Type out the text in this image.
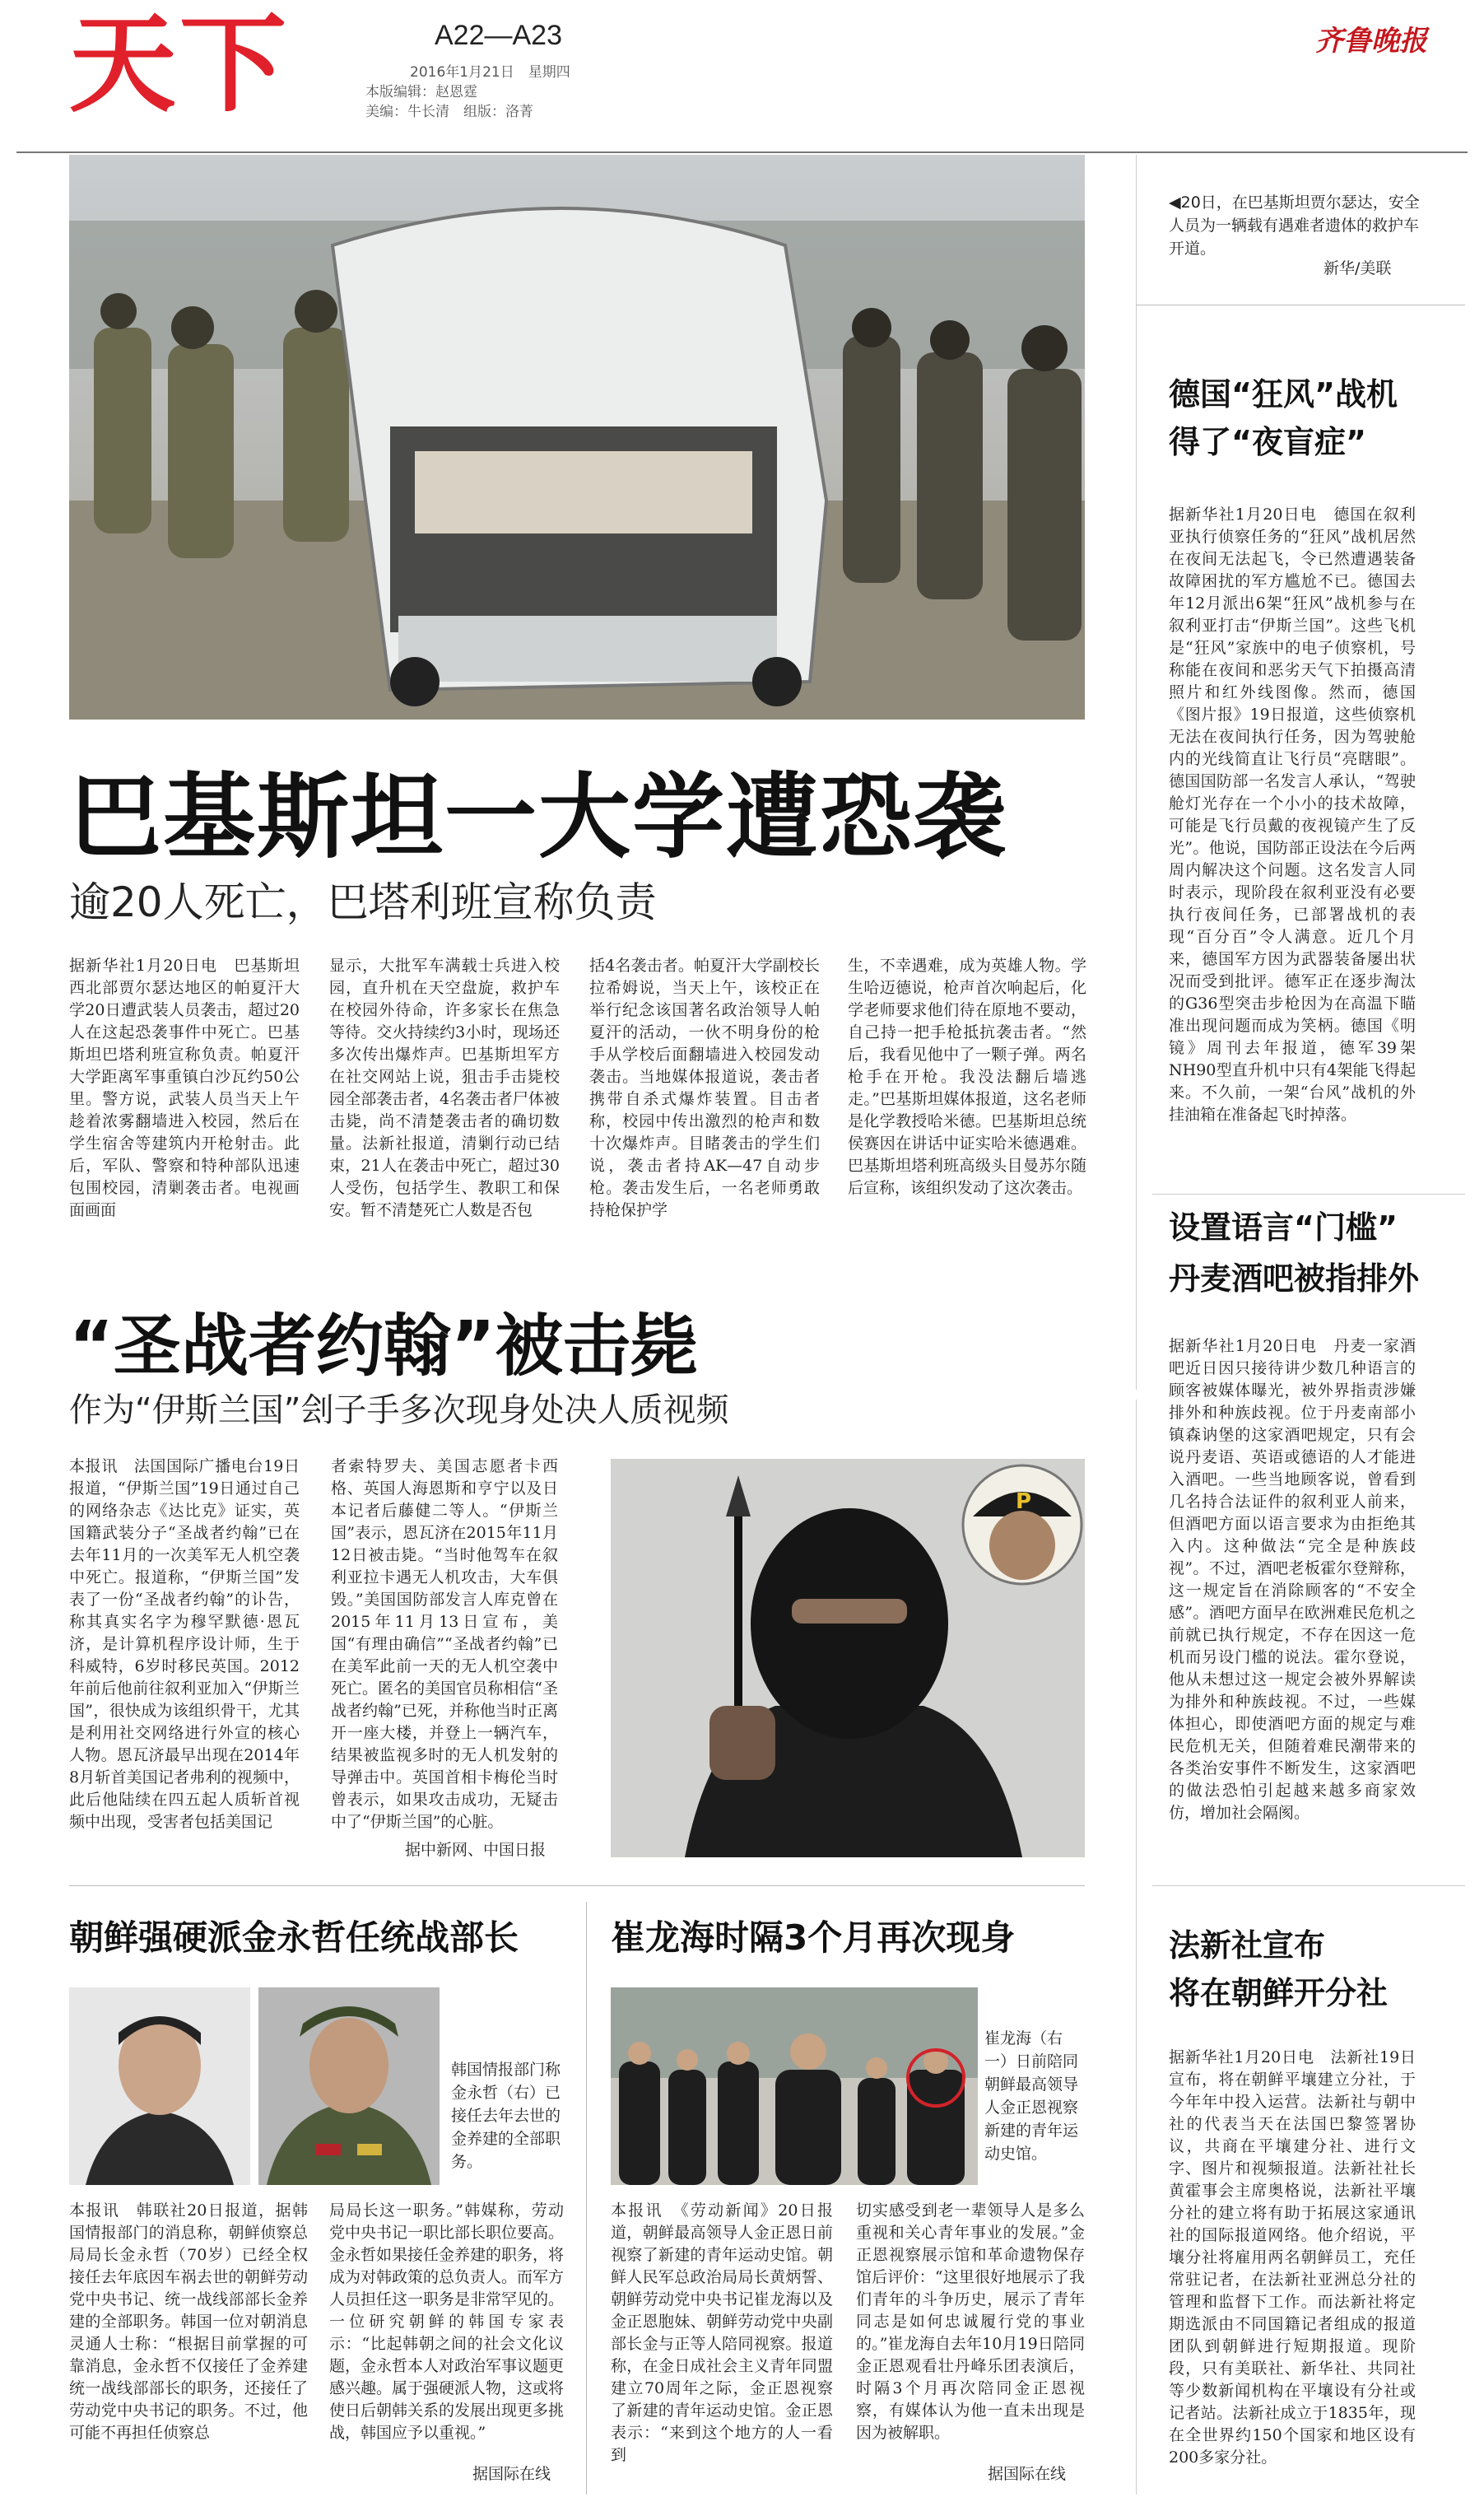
天下	A22—A23
2016年1月21日　星期四
本版编辑：赵恩霆
美编：牛长清　组版：洛菁
齐鲁晚报
◀20日，在巴基斯坦贾尔瑟达，安全人员为一辆载有遇难者遗体的救护车开道。
新华/美联
巴基斯坦一大学遭恐袭
逾20人死亡，巴塔利班宣称负责
据新华社1月20日电　巴基斯坦西北部贾尔瑟达地区的帕夏汗大学20日遭武装人员袭击，超过20人在这起恐袭事件中死亡。巴基斯坦巴塔利班宣称负责。帕夏汗大学距离军事重镇白沙瓦约50公里。警方说，武装人员当天上午趁着浓雾翻墙进入校园，然后在学生宿舍等建筑内开枪射击。此后，军队、警察和特种部队迅速包围校园，清剿袭击者。电视画面画面
显示，大批军车满载士兵进入校园，直升机在天空盘旋，救护车在校园外待命，许多家长在焦急等待。交火持续约3小时，现场还多次传出爆炸声。巴基斯坦军方在社交网站上说，狙击手击毙校园全部袭击者，4名袭击者尸体被击毙，尚不清楚袭击者的确切数量。法新社报道，清剿行动已结束，21人在袭击中死亡，超过30人受伤，包括学生、教职工和保安。暂不清楚死亡人数是否包
括4名袭击者。帕夏汗大学副校长拉希姆说，当天上午，该校正在举行纪念该国著名政治领导人帕夏汗的活动，一伙不明身份的枪手从学校后面翻墙进入校园发动袭击。当地媒体报道说，袭击者携带自杀式爆炸装置。目击者称，校园中传出激烈的枪声和数十次爆炸声。目睹袭击的学生们说，袭击者持AK—47自动步枪。袭击发生后，一名老师勇敢持枪保护学
生，不幸遇难，成为英雄人物。学生哈迈德说，枪声首次响起后，化学老师要求他们待在原地不要动，自己持一把手枪抵抗袭击者。“然后，我看见他中了一颗子弹。两名枪手在开枪。我没法翻后墙逃走。”巴基斯坦媒体报道，这名老师是化学教授哈米德。巴基斯坦总统侯赛因在讲话中证实哈米德遇难。巴基斯坦塔利班高级头目曼苏尔随后宣称，该组织发动了这次袭击。
“圣战者约翰”被击毙
作为“伊斯兰国”刽子手多次现身处决人质视频
本报讯　法国国际广播电台19日报道，“伊斯兰国”19日通过自己的网络杂志《达比克》证实，英国籍武装分子“圣战者约翰”已在去年11月的一次美军无人机空袭中死亡。报道称，“伊斯兰国”发表了一份“圣战者约翰”的讣告，称其真实名字为穆罕默德·恩瓦济，是计算机程序设计师，生于科威特，6岁时移民英国。2012年前后他前往叙利亚加入“伊斯兰国”，很快成为该组织骨干，尤其是利用社交网络进行外宣的核心人物。恩瓦济最早出现在2014年8月斩首美国记者弗利的视频中，此后他陆续在四五起人质斩首视频中出现，受害者包括美国记
者索特罗夫、美国志愿者卡西格、英国人海恩斯和亨宁以及日本记者后藤健二等人。“伊斯兰国”表示，恩瓦济在2015年11月12日被击毙。“当时他驾车在叙利亚拉卡遇无人机攻击，大车俱毁。”美国国防部发言人库克曾在2015年11月13日宣布，美国“有理由确信”“圣战者约翰”已在美军此前一天的无人机空袭中死亡。匿名的美国官员称相信“圣战者约翰”已死，并称他当时正离开一座大楼，并登上一辆汽车，结果被监视多时的无人机发射的导弹击中。英国首相卡梅伦当时曾表示，如果攻击成功，无疑击中了“伊斯兰国”的心脏。
据中新网、中国日报
P
朝鲜强硬派金永哲任统战部长
韩国情报部门称金永哲（右）已接任去年去世的金养建的全部职务。
本报讯　韩联社20日报道，据韩国情报部门的消息称，朝鲜侦察总局局长金永哲（70岁）已经全权接任去年底因车祸去世的朝鲜劳动党中央书记、统一战线部部长金养建的全部职务。韩国一位对朝消息灵通人士称：“根据目前掌握的可靠消息，金永哲不仅接任了金养建统一战线部部长的职务，还接任了劳动党中央书记的职务。不过，他可能不再担任侦察总
局局长这一职务。”韩媒称，劳动党中央书记一职比部长职位要高。金永哲如果接任金养建的职务，将成为对韩政策的总负责人。而军方人员担任这一职务是非常罕见的。一位研究朝鲜的韩国专家表示：“比起韩朝之间的社会文化议题，金永哲本人对政治军事议题更感兴趣。属于强硬派人物，这或将使日后朝韩关系的发展出现更多挑战，韩国应予以重视。”
据国际在线
崔龙海时隔3个月再次现身
崔龙海（右一）日前陪同朝鲜最高领导人金正恩视察新建的青年运动史馆。
本报讯　《劳动新闻》20日报道，朝鲜最高领导人金正恩日前视察了新建的青年运动史馆。朝鲜人民军总政治局局长黄炳誓、朝鲜劳动党中央书记崔龙海以及金正恩胞妹、朝鲜劳动党中央副部长金与正等人陪同视察。报道称，在金日成社会主义青年同盟建立70周年之际，金正恩视察了新建的青年运动史馆。金正恩表示：“来到这个地方的人一看到
切实感受到老一辈领导人是多么重视和关心青年事业的发展。”金正恩视察展示馆和革命遗物保存馆后评价：“这里很好地展示了我们青年的斗争历史，展示了青年同志是如何忠诚履行党的事业的。”崔龙海自去年10月19日陪同金正恩观看壮丹峰乐团表演后，时隔3个月再次陪同金正恩视察，有媒体认为他一直未出现是因为被解职。
据国际在线
德国“狂风”战机
得了“夜盲症”
据新华社1月20日电　德国在叙利亚执行侦察任务的“狂风”战机居然在夜间无法起飞，令已然遭遇装备故障困扰的军方尴尬不已。德国去年12月派出6架“狂风”战机参与在叙利亚打击“伊斯兰国”。这些飞机是“狂风”家族中的电子侦察机，号称能在夜间和恶劣天气下拍摄高清照片和红外线图像。然而，德国《图片报》19日报道，这些侦察机无法在夜间执行任务，因为驾驶舱内的光线简直让飞行员“亮瞎眼”。德国国防部一名发言人承认，“驾驶舱灯光存在一个小小的技术故障，可能是飞行员戴的夜视镜产生了反光”。他说，国防部正设法在今后两周内解决这个问题。这名发言人同时表示，现阶段在叙利亚没有必要执行夜间任务，已部署战机的表现“百分百”令人满意。近几个月来，德国军方因为武器装备屡出状况而受到批评。德军正在逐步淘汰的G36型突击步枪因为在高温下瞄准出现问题而成为笑柄。德国《明镜》周刊去年报道，德军39架NH90型直升机中只有4架能飞得起来。不久前，一架“台风”战机的外挂油箱在准备起飞时掉落。
设置语言“门槛”
丹麦酒吧被指排外
据新华社1月20日电　丹麦一家酒吧近日因只接待讲少数几种语言的顾客被媒体曝光，被外界指责涉嫌排外和种族歧视。位于丹麦南部小镇森讷堡的这家酒吧规定，只有会说丹麦语、英语或德语的人才能进入酒吧。一些当地顾客说，曾看到几名持合法证件的叙利亚人前来，但酒吧方面以语言要求为由拒绝其入内。这种做法“完全是种族歧视”。不过，酒吧老板霍尔登辩称，这一规定旨在消除顾客的“不安全感”。酒吧方面早在欧洲难民危机之前就已执行规定，不存在因这一危机而另设门槛的说法。霍尔登说，他从未想过这一规定会被外界解读为排外和种族歧视。不过，一些媒体担心，即使酒吧方面的规定与难民危机无关，但随着难民潮带来的各类治安事件不断发生，这家酒吧的做法恐怕引起越来越多商家效仿，增加社会隔阂。
法新社宣布
将在朝鲜开分社
据新华社1月20日电　法新社19日宣布，将在朝鲜平壤建立分社，于今年年中投入运营。法新社与朝中社的代表当天在法国巴黎签署协议，共商在平壤建分社、进行文字、图片和视频报道。法新社社长黄霍事会主席奥格说，法新社平壤分社的建立将有助于拓展这家通讯社的国际报道网络。他介绍说，平壤分社将雇用两名朝鲜员工，充任常驻记者，在法新社亚洲总分社的管理和监督下工作。而法新社将定期选派由不同国籍记者组成的报道团队到朝鲜进行短期报道。现阶段，只有美联社、新华社、共同社等少数新闻机构在平壤设有分社或记者站。法新社成立于1835年，现在全世界约150个国家和地区设有200多家分社。
